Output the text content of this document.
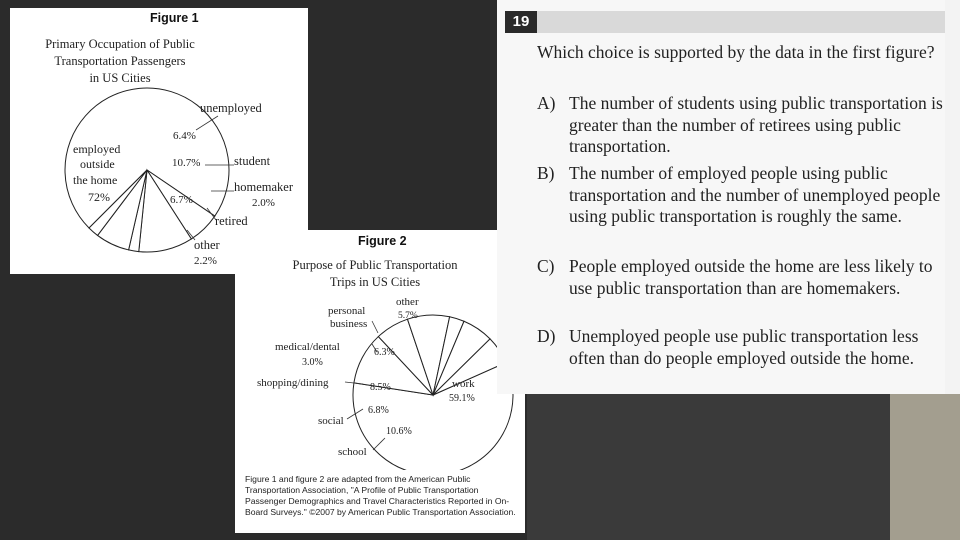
Figure 1
Primary Occupation of Public
Transportation Passengers
in US Cities
employed
outside
the home
72%
unemployed
6.4%
10.7%	student
homemaker
2.0%
6.7%
retired
other
2.2%
Figure 2
Purpose of Public Transportation
Trips in US Cities
other
5.7%
personal
business
6.3%
medical/dental
3.0%
shopping/dining	8.5%
6.8%
social
10.6%
school
work
59.1%
Figure 1 and figure 2 are adapted from the American Public Transportation Association, "A Profile of Public Transportation Passenger Demographics and Travel Characteristics Reported in On-Board Surveys." ©2007 by American Public Transportation Association.
19
Which choice is supported by the data in the first figure?
A) The number of students using public transportation is greater than the number of retirees using public transportation.
B) The number of employed people using public transportation and the number of unemployed people using public transportation is roughly the same.
C) People employed outside the home are less likely to use public transportation than are homemakers.
D) Unemployed people use public transportation less often than do people employed outside the home.
